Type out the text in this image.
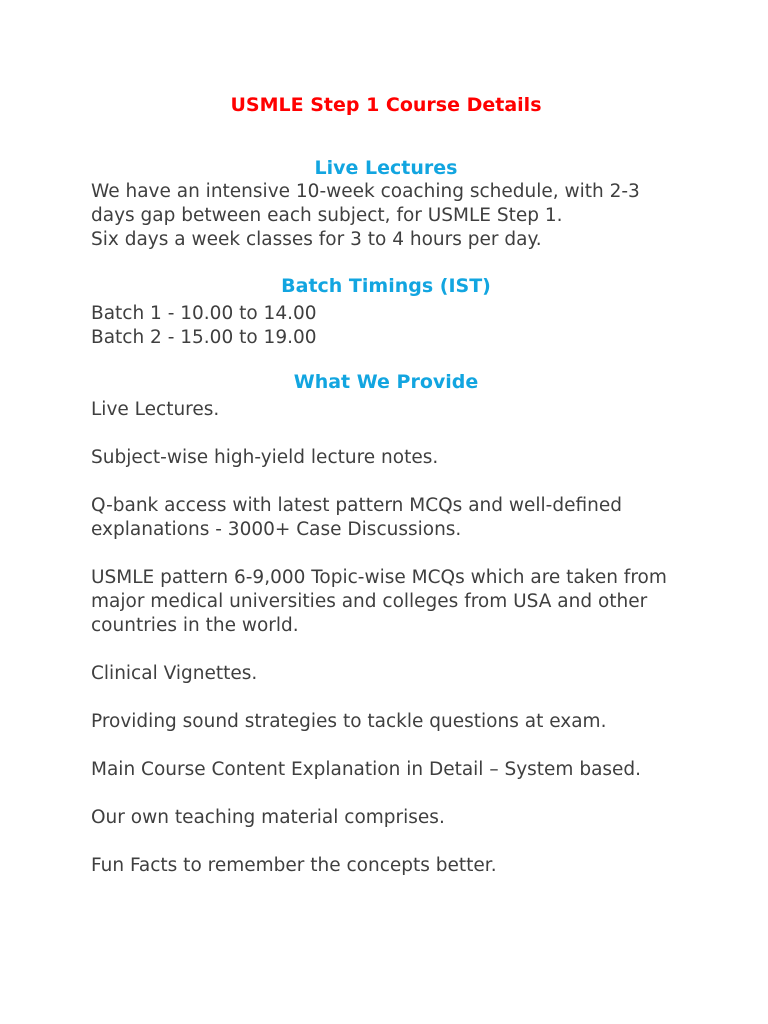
USMLE Step 1 Course Details
Live Lectures

We have an intensive 10-week coaching schedule, with 2-3 days gap between each subject, for USMLE Step 1.

Six days a week classes for 3 to 4 hours per day.

Batch Timings (IST)

Batch 1 - 10.00 to 14.00

Batch 2 - 15.00 to 19.00

What We Provide
Live Lectures.
Subject-wise high-yield lecture notes.
Q-bank access with latest pattern MCQs and well-defined explanations - 3000+ Case Discussions.
USMLE pattern 6-9,000 Topic-wise MCQs which are taken from major medical universities and colleges from USA and other countries in the world.
Clinical Vignettes.
Providing sound strategies to tackle questions at exam.
Main Course Content Explanation in Detail – System based.
Our own teaching material comprises.
Fun Facts to remember the concepts better.
